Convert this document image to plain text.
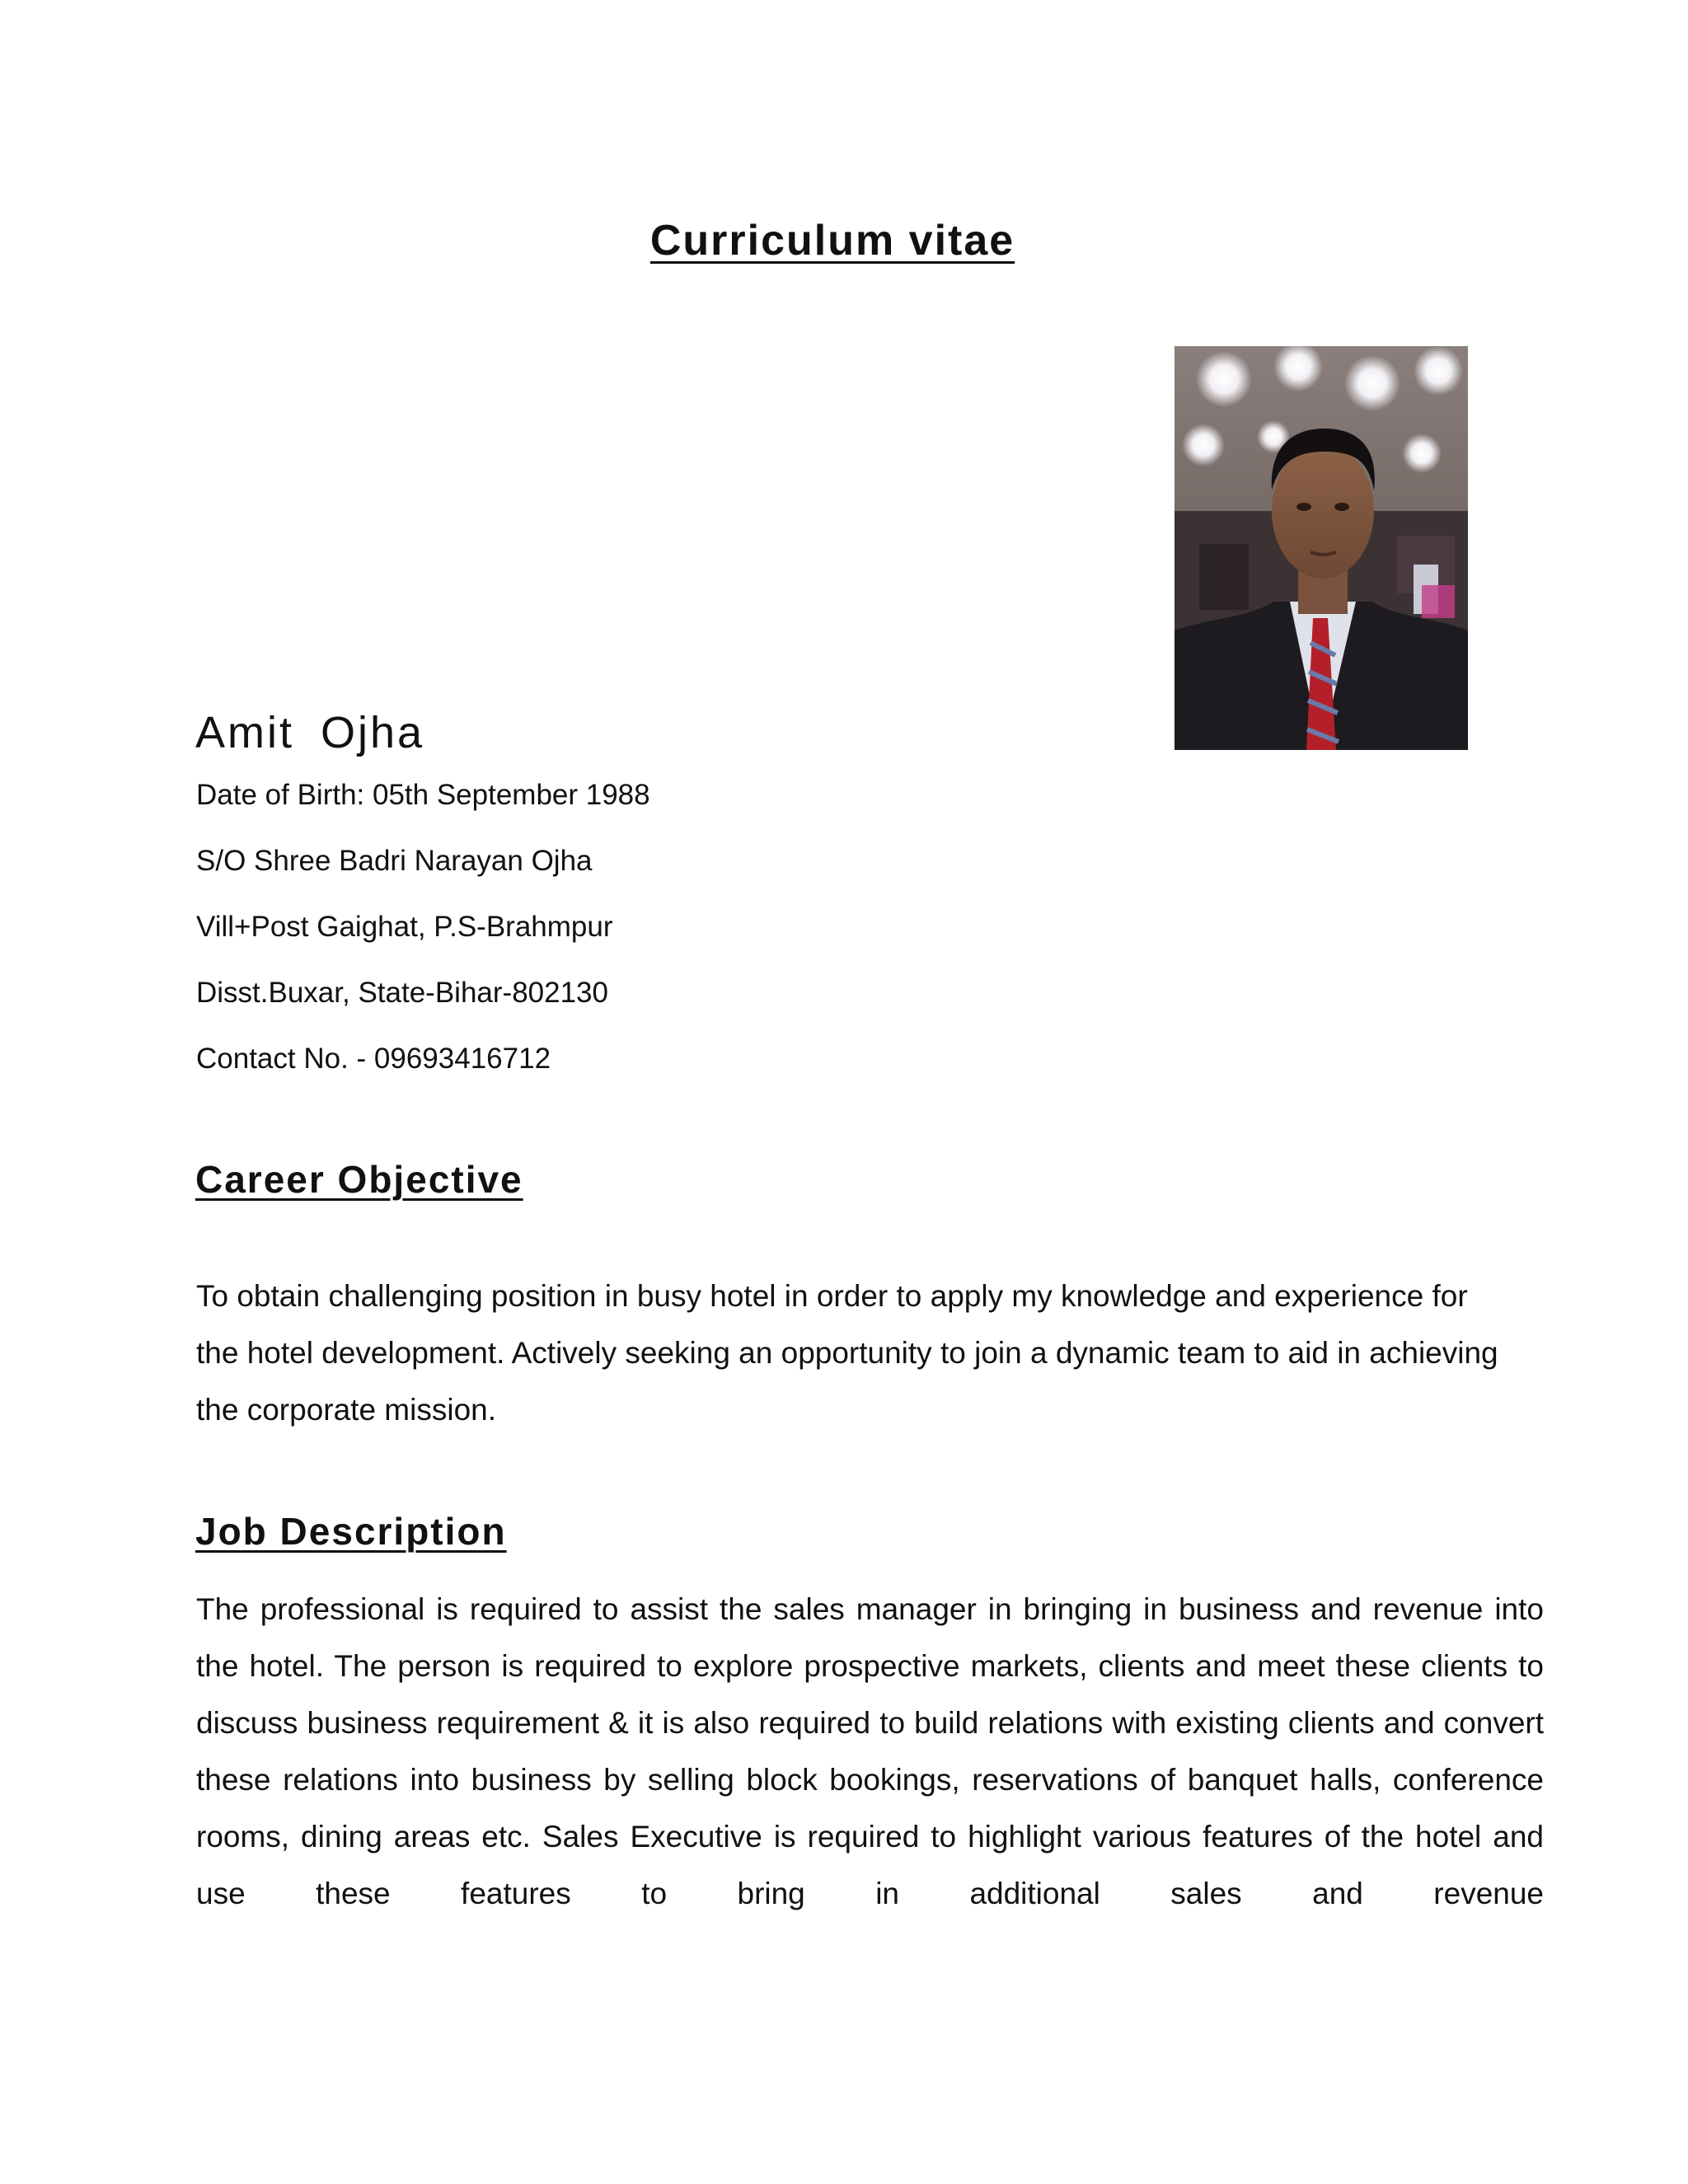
Curriculum vitae
Amit Ojha
Date of Birth: 05th September 1988
S/O Shree Badri Narayan Ojha
Vill+Post Gaighat, P.S-Brahmpur
Disst.Buxar, State-Bihar-802130
Contact No. - 09693416712
Career Objective

To obtain challenging position in busy hotel in order to apply my knowledge and experience for the hotel development. Actively seeking an opportunity to join a dynamic team to aid in achieving the corporate mission.

Job Description

The professional is required to assist the sales manager in bringing in business and revenue into the hotel. The person is required to explore prospective markets, clients and meet these clients to discuss business requirement & it is also required to build relations with existing clients and convert these relations into business by selling block bookings, reservations of banquet halls, conference rooms, dining areas etc. Sales Executive is required to highlight various features of the hotel and use these features to bring in additional sales and revenue
